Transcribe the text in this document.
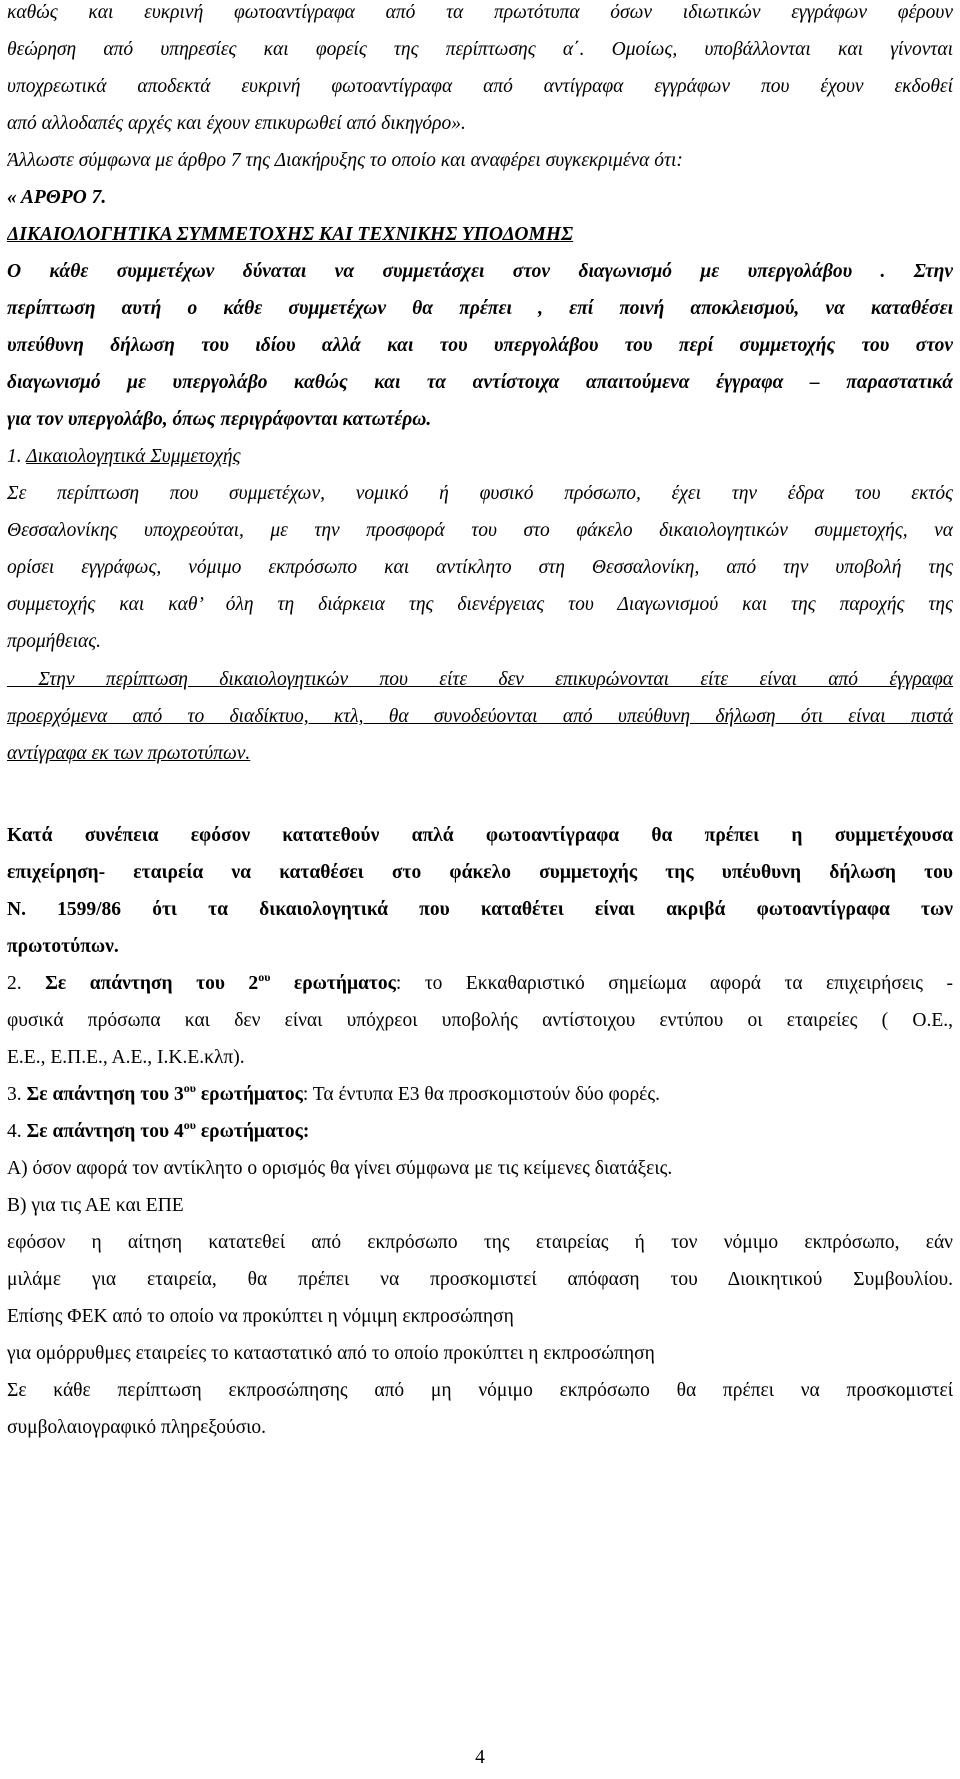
καθώς και ευκρινή φωτοαντίγραφα από τα πρωτότυπα όσων ιδιωτικών εγγράφων φέρουν
θεώρηση από υπηρεσίες και φορείς της περίπτωσης α΄. Ομοίως, υποβάλλονται και γίνονται
υποχρεωτικά αποδεκτά ευκρινή φωτοαντίγραφα από αντίγραφα εγγράφων που έχουν εκδοθεί
από αλλοδαπές αρχές και έχουν επικυρωθεί από δικηγόρο».
Άλλωστε σύμφωνα με άρθρο 7 της Διακήρυξης το οποίο και αναφέρει συγκεκριμένα ότι:
« ΑΡΘΡΟ 7.
ΔΙΚΑΙΟΛΟΓΗΤΙΚΑ ΣΥΜΜΕΤΟΧΗΣ ΚΑΙ ΤΕΧΝΙΚΗΣ ΥΠΟΔΟΜΗΣ
Ο κάθε συμμετέχων δύναται να συμμετάσχει στον διαγωνισμό με υπεργολάβου . Στην
περίπτωση αυτή ο κάθε συμμετέχων θα πρέπει , επί ποινή αποκλεισμού, να καταθέσει
υπεύθυνη δήλωση του ιδίου αλλά και του υπεργολάβου του περί συμμετοχής του στον
διαγωνισμό με υπεργολάβο καθώς και τα αντίστοιχα απαιτούμενα έγγραφα – παραστατικά
για τον υπεργολάβο, όπως περιγράφονται κατωτέρω.
1. Δικαιολογητικά Συμμετοχής
Σε περίπτωση που συμμετέχων, νομικό ή φυσικό πρόσωπο, έχει την έδρα του εκτός
Θεσσαλονίκης υποχρεούται, με την προσφορά του στο φάκελο δικαιολογητικών συμμετοχής, να
ορίσει εγγράφως, νόμιμο εκπρόσωπο και αντίκλητο στη Θεσσαλονίκη, από την υποβολή της
συμμετοχής και καθ’ όλη τη διάρκεια της διενέργειας του Διαγωνισμού και της παροχής της
προμήθειας.
Στην περίπτωση δικαιολογητικών που είτε δεν επικυρώνονται είτε είναι από έγγραφα
προερχόμενα από το διαδίκτυο, κτλ, θα συνοδεύονται από υπεύθυνη δήλωση ότι είναι πιστά
αντίγραφα εκ των πρωτοτύπων.
Κατά συνέπεια εφόσον κατατεθούν απλά φωτοαντίγραφα θα πρέπει η συμμετέχουσα
επιχείρηση- εταιρεία να καταθέσει στο φάκελο συμμετοχής της υπέυθυνη δήλωση του
Ν. 1599/86 ότι τα δικαιολογητικά που καταθέτει είναι ακριβά φωτοαντίγραφα των
πρωτοτύπων.
2. Σε απάντηση του $2^{o\upsilon}$ ερωτήματος: το Εκκαθαριστικό σημείωμα αφορά τα επιχειρήσεις -
φυσικά πρόσωπα και δεν είναι υπόχρεοι υποβολής αντίστοιχου εντύπου οι εταιρείες ( Ο.Ε.,
Ε.Ε., Ε.Π.Ε., Α.Ε., Ι.Κ.Ε.κλπ).
3. Σε απάντηση του $3^{o\upsilon}$ ερωτήματος: Τα έντυπα Ε3 θα προσκομιστούν δύο φορές.
4. Σε απάντηση του $4^{o\upsilon}$ ερωτήματος:
Α) όσον αφορά τον αντίκλητο ο ορισμός θα γίνει σύμφωνα με τις κείμενες διατάξεις.
Β) για τις ΑΕ και ΕΠΕ
εφόσον η αίτηση κατατεθεί από εκπρόσωπο της εταιρείας ή τον νόμιμο εκπρόσωπο, εάν
μιλάμε για εταιρεία, θα πρέπει να προσκομιστεί απόφαση του Διοικητικού Συμβουλίου.
Επίσης ΦΕΚ από το οποίο να προκύπτει η νόμιμη εκπροσώπηση
για ομόρρυθμες εταιρείες το καταστατικό από το οποίο προκύπτει η εκπροσώπηση
Σε κάθε περίπτωση εκπροσώπησης από μη νόμιμο εκπρόσωπο θα πρέπει να προσκομιστεί
συμβολαιογραφικό πληρεξούσιο.
4
